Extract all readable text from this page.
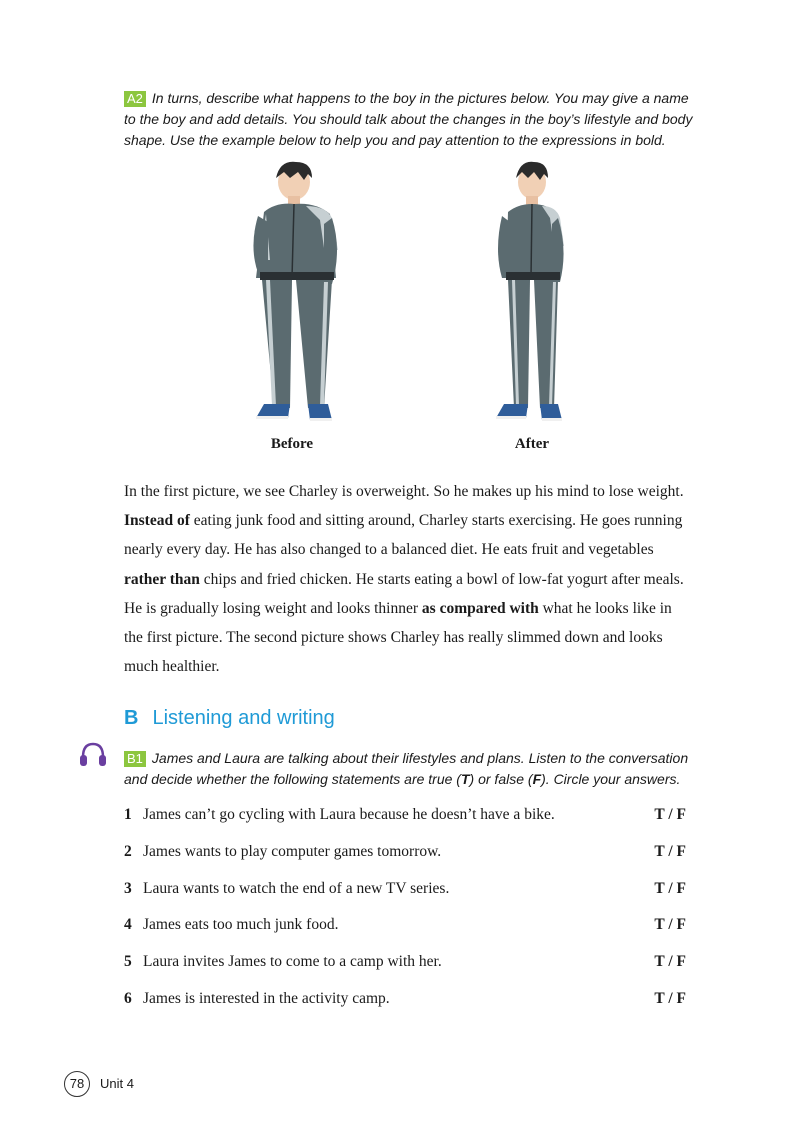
A2 In turns, describe what happens to the boy in the pictures below. You may give a name to the boy and add details. You should talk about the changes in the boy’s lifestyle and body shape. Use the example below to help you and pay attention to the expressions in bold.
Before	After
In the first picture, we see Charley is overweight. So he makes up his mind to lose weight. Instead of eating junk food and sitting around, Charley starts exercising. He goes running nearly every day. He has also changed to a balanced diet. He eats fruit and vegetables rather than chips and fried chicken. He starts eating a bowl of low-fat yogurt after meals. He is gradually losing weight and looks thinner as compared with what he looks like in the first picture. The second picture shows Charley has really slimmed down and looks much healthier.
B Listening and writing
B1 James and Laura are talking about their lifestyles and plans. Listen to the conversation and decide whether the following statements are true (T) or false (F). Circle your answers.
1 James can’t go cycling with Laura because he doesn’t have a bike.	T / F
2 James wants to play computer games tomorrow.	T / F
3 Laura wants to watch the end of a new TV series.	T / F
4 James eats too much junk food.	T / F
5 Laura invites James to come to a camp with her.	T / F
6 James is interested in the activity camp.	T / F
78	Unit 4
